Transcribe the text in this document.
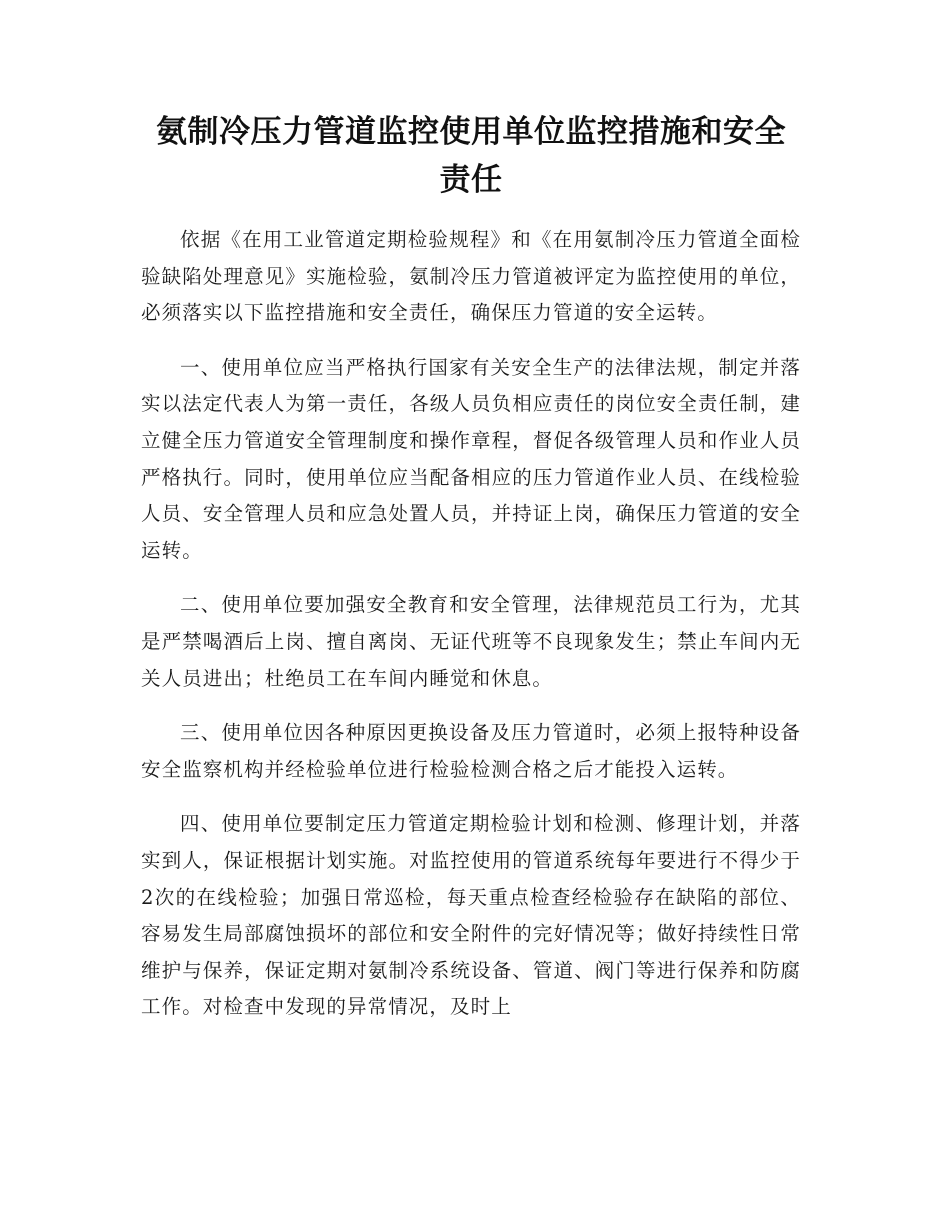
氨制冷压力管道监控使用单位监控措施和安全责任

依据《在用工业管道定期检验规程》和《在用氨制冷压力管道全面检验缺陷处理意见》实施检验，氨制冷压力管道被评定为监控使用的单位，必须落实以下监控措施和安全责任，确保压力管道的安全运转。

一、使用单位应当严格执行国家有关安全生产的法律法规，制定并落实以法定代表人为第一责任，各级人员负相应责任的岗位安全责任制，建立健全压力管道安全管理制度和操作章程，督促各级管理人员和作业人员严格执行。同时，使用单位应当配备相应的压力管道作业人员、在线检验人员、安全管理人员和应急处置人员，并持证上岗，确保压力管道的安全运转。

二、使用单位要加强安全教育和安全管理，法律规范员工行为，尤其是严禁喝酒后上岗、擅自离岗、无证代班等不良现象发生；禁止车间内无关人员进出；杜绝员工在车间内睡觉和休息。

三、使用单位因各种原因更换设备及压力管道时，必须上报特种设备安全监察机构并经检验单位进行检验检测合格之后才能投入运转。

四、使用单位要制定压力管道定期检验计划和检测、修理计划，并落实到人，保证根据计划实施。对监控使用的管道系统每年要进行不得少于2次的在线检验；加强日常巡检，每天重点检查经检验存在缺陷的部位、容易发生局部腐蚀损坏的部位和安全附件的完好情况等；做好持续性日常维护与保养，保证定期对氨制冷系统设备、管道、阀门等进行保养和防腐工作。对检查中发现的异常情况，及时上
